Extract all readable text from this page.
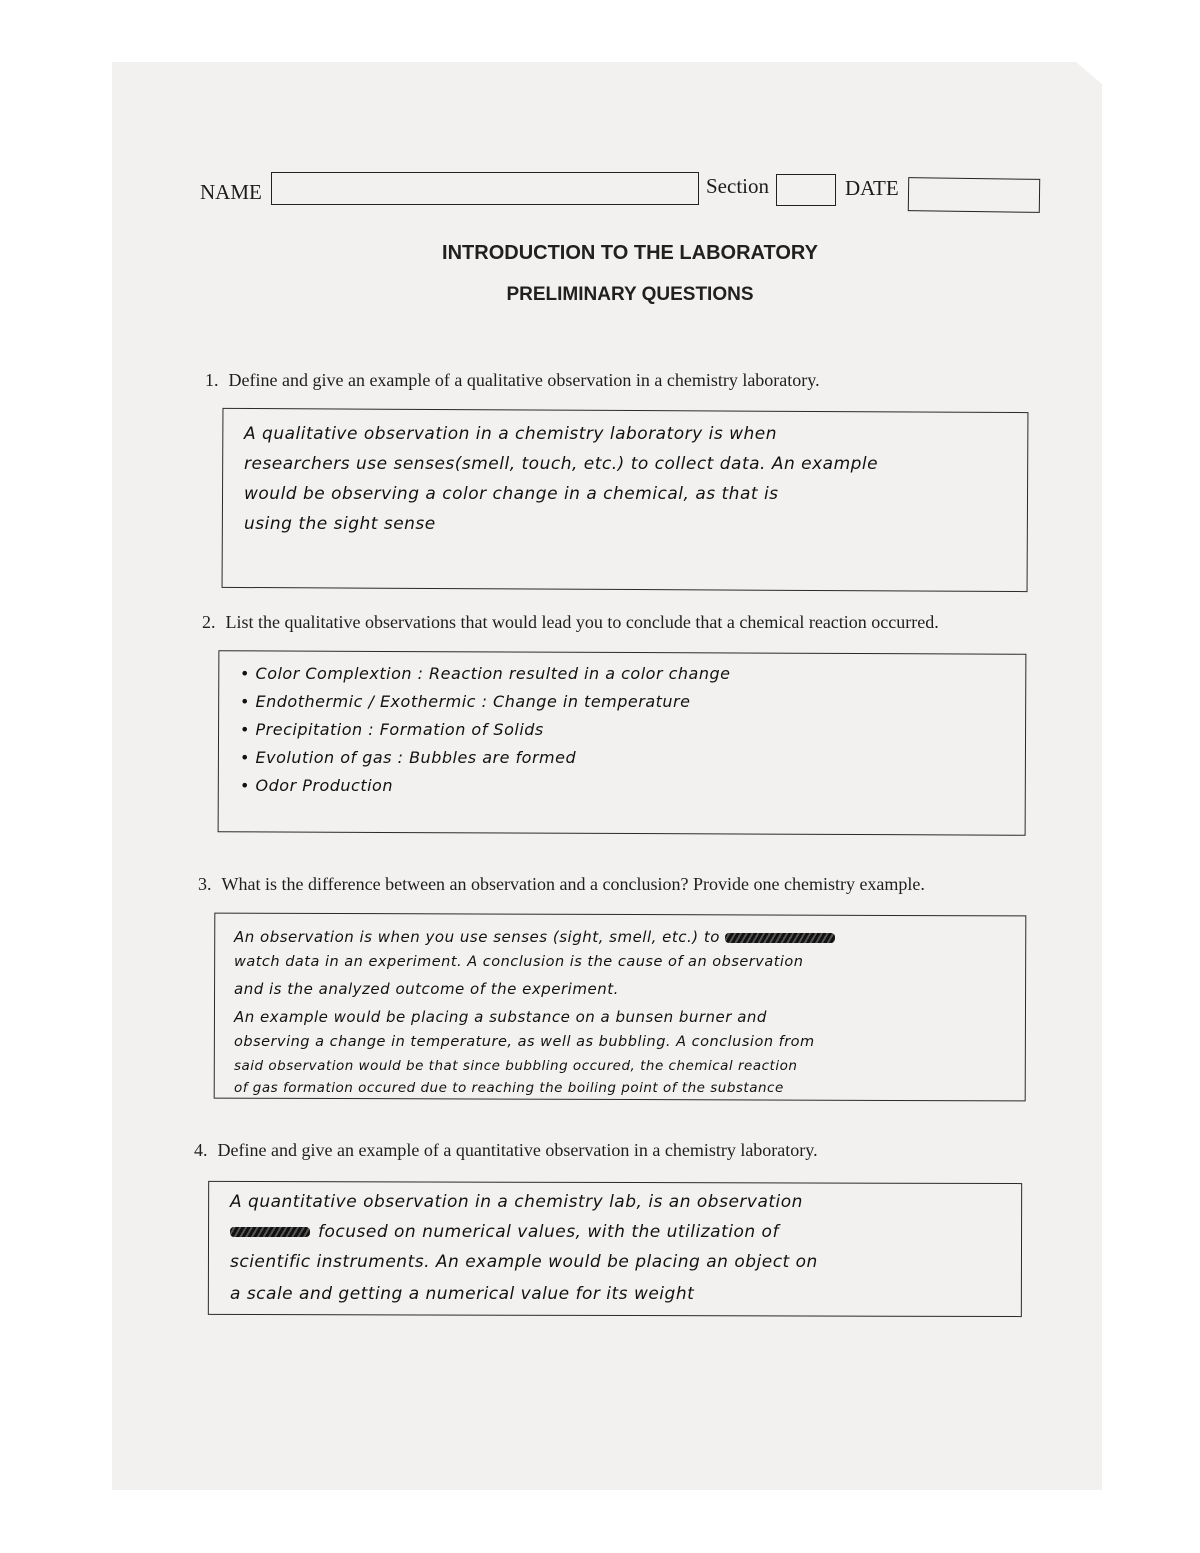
NAME	Section	DATE
INTRODUCTION TO THE LABORATORY
PRELIMINARY QUESTIONS
1. Define and give an example of a qualitative observation in a chemistry laboratory.
A qualitative observation in a chemistry laboratory is when
researchers use senses(smell, touch, etc.) to collect data. An example
would be observing a color change in a chemical, as that is
using the sight sense
2. List the qualitative observations that would lead you to conclude that a chemical reaction occurred.
• Color Complextion : Reaction resulted in a color change
• Endothermic / Exothermic : Change in temperature
• Precipitation : Formation of Solids
• Evolution of gas : Bubbles are formed
• Odor Production
3. What is the difference between an observation and a conclusion? Provide one chemistry example.
An observation is when you use senses (sight, smell, etc.) to
watch data in an experiment. A conclusion is the cause of an observation
and is the analyzed outcome of the experiment.
An example would be placing a substance on a bunsen burner and
observing a change in temperature, as well as bubbling. A conclusion from
said observation would be that since bubbling occured, the chemical reaction
of gas formation occured due to reaching the boiling point of the substance
4. Define and give an example of a quantitative observation in a chemistry laboratory.
A quantitative observation in a chemistry lab, is an observation
focused on numerical values, with the utilization of
scientific instruments. An example would be placing an object on
a scale and getting a numerical value for its weight
